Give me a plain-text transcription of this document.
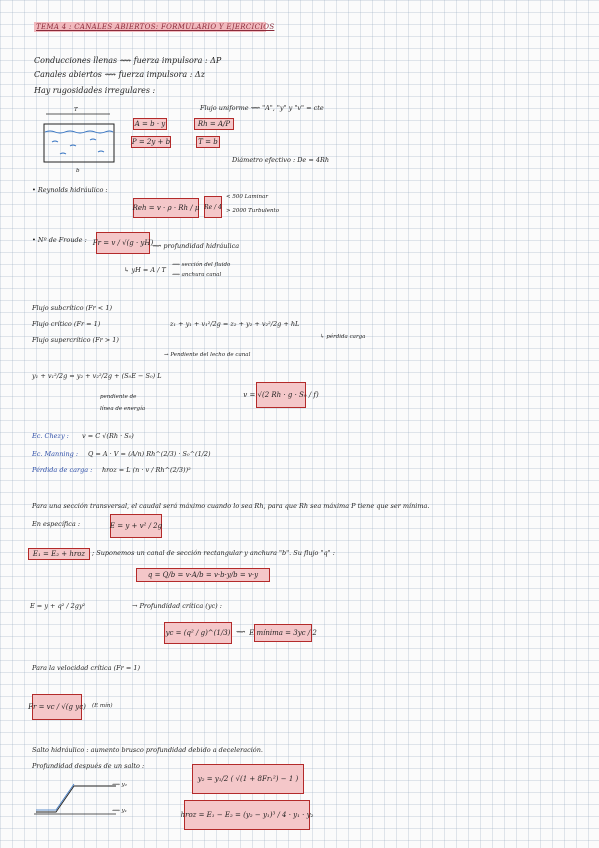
TEMA 4 : CANALES ABIERTOS: FORMULARIO Y EJERCICIOS
Conducciones llenas ⟿ fuerza impulsora : ΔP
Canales abiertos ⟿ fuerza impulsora : Δz
Hay rugosidades irregulares :
T
b
Flujo uniforme ⟿ "A", "y" y "v" = cte
A = b · y	Rh = A/P
P = 2y + b	T = b
Diámetro efectivo : De = 4Rh
• Reynolds hidráulico :
Reh = v · ρ · Rh / μ Re / 4
< 500 Laminar
> 2000 Turbulento
• Nº de Froude : Fr = v / √(g · yH)
⟿ profundidad hidráulica
↳ yH = A / T
⟿ sección del fluido
⟿ anchura canal
Flujo subcrítico (Fr < 1)
Flujo crítico (Fr = 1)
Flujo supercrítico (Fr > 1)
z₁ + y₁ + v₁²/2g = z₂ + y₂ + v₂²/2g + hL
↳ pérdida carga
y₁ + v₁²/2g = y₂ + v₂²/2g + (S₀E − S₀) L
→ Pendiente del lecho de canal
pendiente de
línea de energía
v = √(2 Rh · g · S₀ / f)
Ec. Chezy : v = C √(Rh · S₀)
Ec. Manning : Q = A · V = (A/n) Rh^(2/3) · S₀^(1/2)
Pérdida de carga : hroz = L (n · v / Rh^(2/3))²
Para una sección transversal, el caudal será máximo cuando lo sea Rh, para que Rh sea máxima P tiene que ser mínima.
En específica :	E = y + v² / 2g
E₁ = E₂ + hroz	; Suponemos un canal de sección rectangular y anchura "b". Su flujo "q" :
q = Q/b = v·A/b = v·b·y/b = v·y
E = y + q² / 2gy²	→ Profundidad crítica (yc) :
yc = (q² / g)^(1/3) ⟿ E mínima = 3yc / 2
Para la velocidad crítica (Fr = 1)
Fr = vc / √(g yc) (E mín)
Salto hidráulico : aumento brusco profundidad debido a deceleración.
Profundidad después de un salto :
⟿ y₂
⟿ y₁
y₂ = y₁/2 ( √(1 + 8Fr₁²) − 1 )
hroz = E₁ − E₂ = (y₂ − y₁)³ / 4 · y₁ · y₂
